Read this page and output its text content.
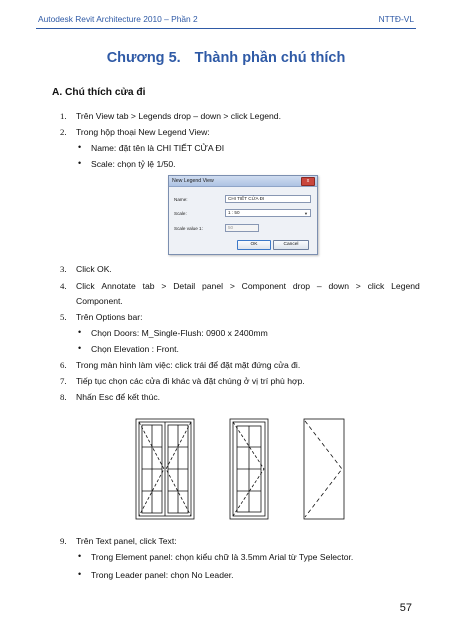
Autodesk Revit Architecture 2010 – Phần 2	NTTĐ-VL
Chương 5. Thành phần chú thích
A. Chú thích cửa đi
1. Trên View tab > Legends drop – down > click Legend.
2. Trong hộp thoại New Legend View:
• Name: đặt tên là CHI TIẾT CỬA ĐI
• Scale: chọn tỷ lệ 1/50.
New Legend View	x
Name:	CHI TIẾT CỬA ĐI
Scale:	1 : 50	▼
Scale value 1:	50
OK	Cancel
3. Click OK.
4. Click Annotate tab > Detail panel > Component drop – down > click Legend
Component.
5. Trên Options bar:
• Chọn Doors: M_Single-Flush: 0900 x 2400mm
• Chọn Elevation : Front.
6. Trong màn hình làm việc: click trái để đặt mặt đứng cửa đi.
7. Tiếp tục chọn các cửa đi khác và đặt chúng ở vị trí phù hợp.
8. Nhấn Esc để kết thúc.
9. Trên Text panel, click Text:
• Trong Element panel: chọn kiểu chữ là 3.5mm Arial từ Type Selector.
• Trong Leader panel: chọn No Leader.
57
